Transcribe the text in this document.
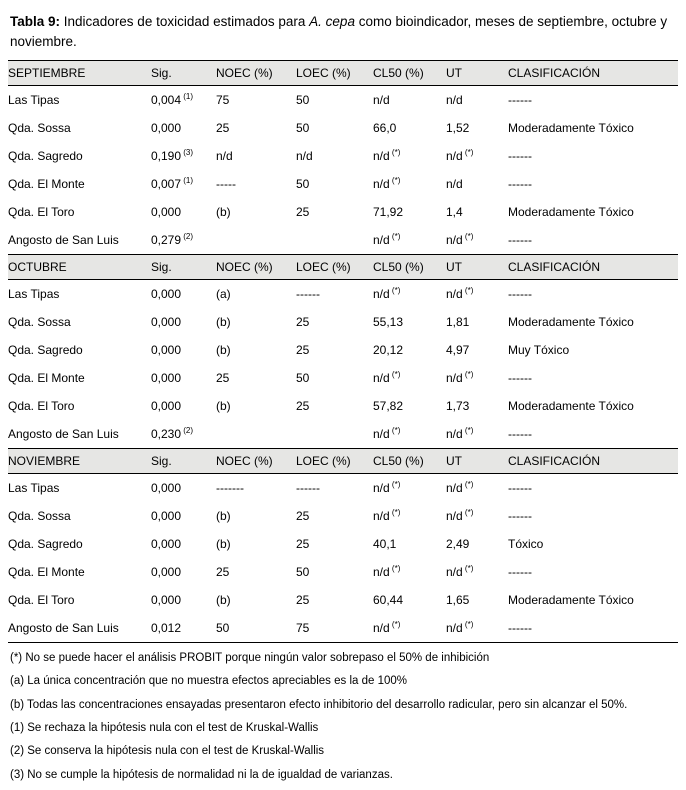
Tabla 9: Indicadores de toxicidad estimados para A. cepa como bioindicador, meses de septiembre, octubre y noviembre.
SEPTIEMBRE	Sig.	NOEC (%)	LOEC (%)	CL50 (%)	UT	CLASIFICACIÓN
Las Tipas	0,004 $^{(1)}$	75	50	n/d	n/d	------
Qda. Sossa	0,000	25	50	66,0	1,52	Moderadamente Tóxico
Qda. Sagredo	0,190 $^{(3)}$	n/d	n/d	n/d (*)	n/d (*)	------
Qda. El Monte	0,007 $^{(1)}$	-----	50	n/d (*)	n/d	------
Qda. El Toro	0,000	(b)	25	71,92	1,4	Moderadamente Tóxico
Angosto de San Luis	0,279 $^{(2)}$			n/d (*)	n/d (*)	------
OCTUBRE	Sig.	NOEC (%)	LOEC (%)	CL50 (%)	UT	CLASIFICACIÓN
Las Tipas	0,000	(a)	------	n/d (*)	n/d (*)	------
Qda. Sossa	0,000	(b)	25	55,13	1,81	Moderadamente Tóxico
Qda. Sagredo	0,000	(b)	25	20,12	4,97	Muy Tóxico
Qda. El Monte	0,000	25	50	n/d (*)	n/d (*)	------
Qda. El Toro	0,000	(b)	25	57,82	1,73	Moderadamente Tóxico
Angosto de San Luis	0,230 $^{(2)}$			n/d (*)	n/d (*)	------
NOVIEMBRE	Sig.	NOEC (%)	LOEC (%)	CL50 (%)	UT	CLASIFICACIÓN
Las Tipas	0,000	-------	------	n/d (*)	n/d (*)	------
Qda. Sossa	0,000	(b)	25	n/d (*)	n/d (*)	------
Qda. Sagredo	0,000	(b)	25	40,1	2,49	Tóxico
Qda. El Monte	0,000	25	50	n/d (*)	n/d (*)	------
Qda. El Toro	0,000	(b)	25	60,44	1,65	Moderadamente Tóxico
Angosto de San Luis	0,012	50	75	n/d (*)	n/d (*)	------
(*) No se puede hacer el análisis PROBIT porque ningún valor sobrepaso el 50% de inhibición
(a) La única concentración que no muestra efectos apreciables es la de 100%
(b) Todas las concentraciones ensayadas presentaron efecto inhibitorio del desarrollo radicular, pero sin alcanzar el 50%.
(1) Se rechaza la hipótesis nula con el test de Kruskal-Wallis
(2) Se conserva la hipótesis nula con el test de Kruskal-Wallis
(3) No se cumple la hipótesis de normalidad ni la de igualdad de varianzas.
